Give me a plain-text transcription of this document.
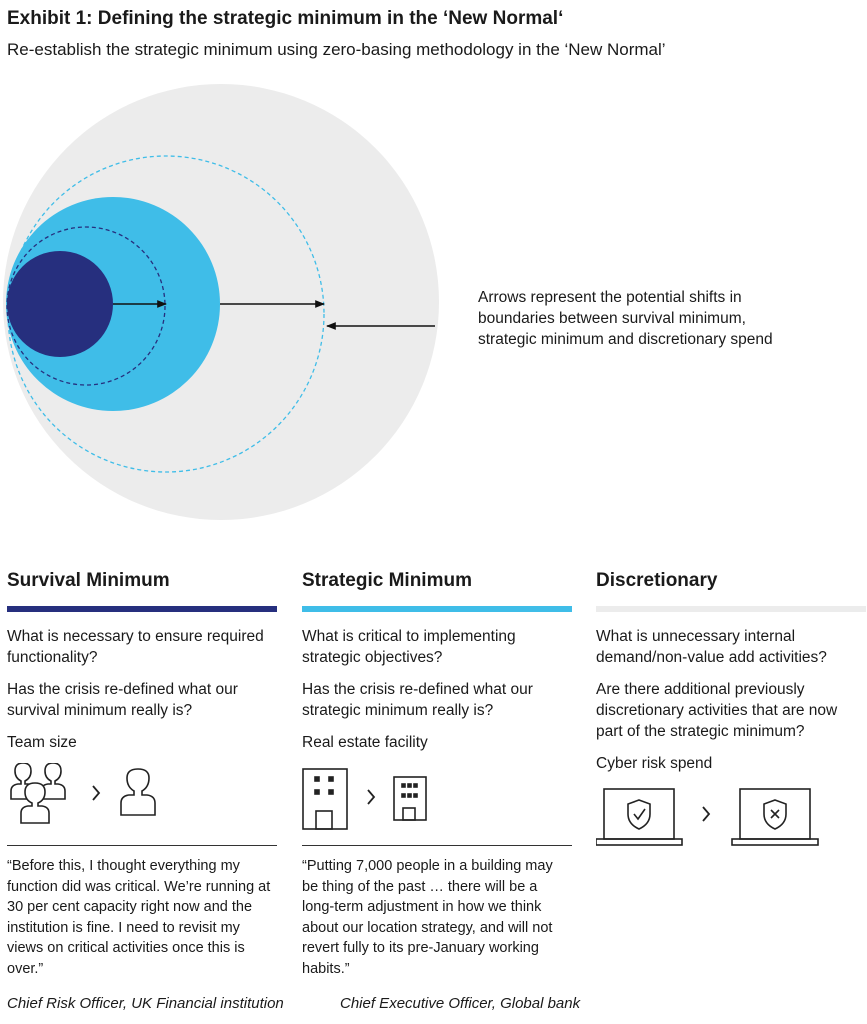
Exhibit 1: Defining the strategic minimum in the ‘New Normal‘
Re-establish the strategic minimum using zero-basing methodology in the ‘New Normal’
Arrows represent the potential shifts in boundaries between survival minimum, strategic minimum and discretionary spend
Survival Minimum

What is necessary to ensure required functionality?

Has the crisis re-defined what our survival minimum really is?

Team size
“Before this, I thought everything my function did was critical. We’re running at 30 per cent capacity right now and the institution is fine. I need to revisit my views on critical activities once this is over.”
Chief Risk Officer, UK Financial institution
Strategic Minimum

What is critical to implementing strategic objectives?

Has the crisis re-defined what our strategic minimum really is?

Real estate facility
“Putting 7,000 people in a building may be thing of the past … there will be a long-term adjustment in how we think about our location strategy, and will not revert fully to its pre-January working habits.”
Chief Executive Officer, Global bank
Discretionary

What is unnecessary internal demand/non-value add activities?

Are there additional previously discretionary activities that are now part of the strategic minimum?

Cyber risk spend
